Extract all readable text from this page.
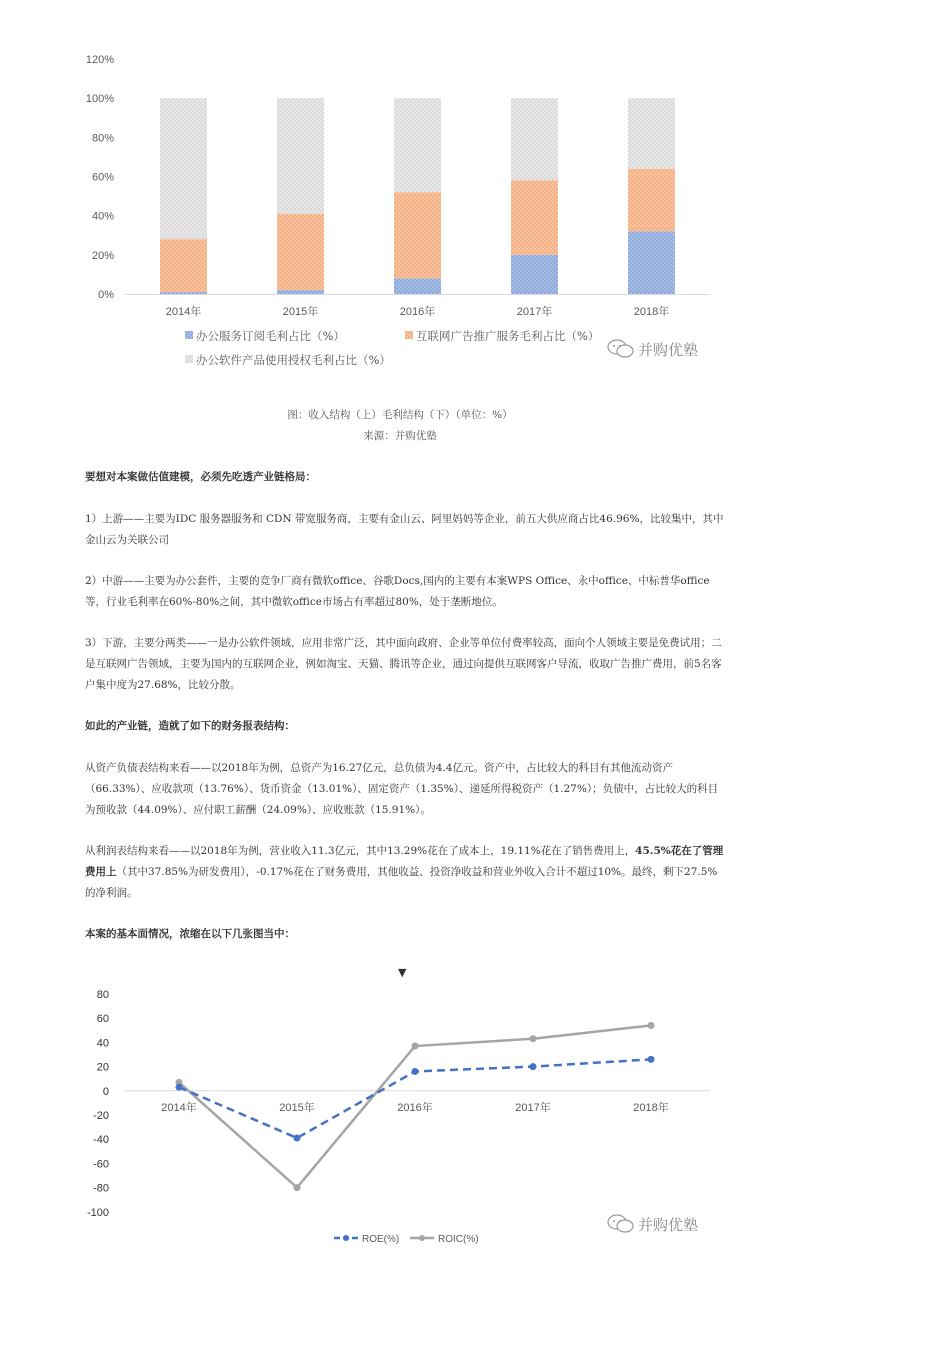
0%
20%
40%
60%
80%
100%
120%
2014年	2015年	2016年	2017年	2018年
办公服务订阅毛利占比（%）	互联网广告推广服务毛利占比（%）
办公软件产品使用授权毛利占比（%）
并购优塾
图：收入结构（上）毛利结构（下）（单位：%）
来源：并购优塾

要想对本案做估值建模，必须先吃透产业链格局：

1）上游——主要为IDC 服务器服务和 CDN 带宽服务商，主要有金山云、阿里妈妈等企业，前五大供应商占比46.96%，比较集中，其中金山云为关联公司

2）中游——主要为办公套件，主要的竞争厂商有微软office、谷歌Docs,国内的主要有本案WPS Office、永中office、中标普华office等，行业毛利率在60%-80%之间，其中微软office市场占有率超过80%，处于垄断地位。

3）下游，主要分两类——一是办公软件领域，应用非常广泛，其中面向政府、企业等单位付费率较高，面向个人领域主要是免费试用；二是互联网广告领域，主要为国内的互联网企业，例如淘宝、天猫、腾讯等企业，通过向提供互联网客户导流，收取广告推广费用，前5名客户集中度为27.68%，比较分散。

如此的产业链，造就了如下的财务报表结构：

从资产负债表结构来看——以2018年为例，总资产为16.27亿元，总负债为4.4亿元。资产中，占比较大的科目有其他流动资产（66.33%）、应收款项（13.76%）、货币资金（13.01%）、固定资产（1.35%）、递延所得税资产（1.27%）；负债中，占比较大的科目为预收款（44.09%）、应付职工薪酬（24.09%）、应收账款（15.91%）。

从利润表结构来看——以2018年为例，营业收入11.3亿元，其中13.29%花在了成本上，19.11%花在了销售费用上，45.5%花在了管理费用上（其中37.85%为研发费用），-0.17%花在了财务费用，其他收益、投资净收益和营业外收入合计不超过10%。最终，剩下27.5%的净利润。

本案的基本面情况，浓缩在以下几张图当中：

▼
80
60
40
20
0
-20
-40
-60
-80
-100
2014年	2015年	2016年	2017年	2018年
ROE(%)	ROIC(%)
并购优塾
